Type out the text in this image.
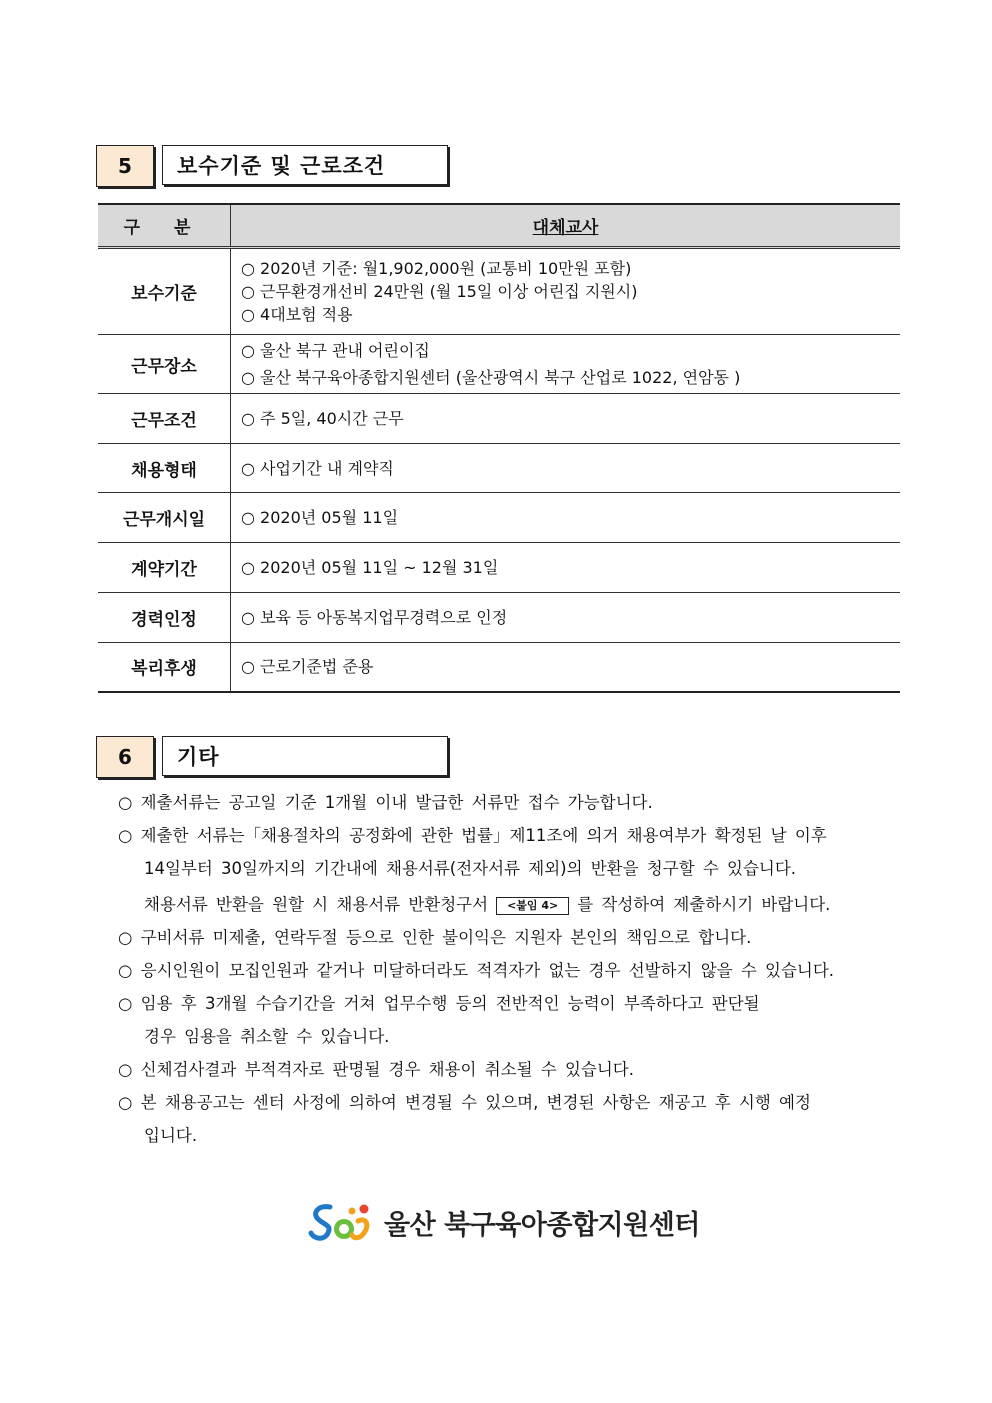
5	보수기준 및 근로조건
구 분	대체교사
보수기준	○ 2020년 기준: 월1,902,000원 (교통비 10만원 포함)
○ 근무환경개선비 24만원 (월 15일 이상 어린집 지원시)
○ 4대보험 적용

근무장소	○ 울산 북구 관내 어린이집
○ 울산 북구육아종합지원센터 (울산광역시 북구 산업로 1022, 연암동 )

근무조건	○ 주 5일, 40시간 근무

채용형태	○ 사업기간 내 계약직

근무개시일	○ 2020년 05월 11일

계약기간	○ 2020년 05월 11일 ~ 12월 31일

경력인정	○ 보육 등 아동복지업무경력으로 인정

복리후생	○ 근로기준법 준용
6	기타
○ 제출서류는 공고일 기준 1개월 이내 발급한 서류만 접수 가능합니다.
○ 제출한 서류는「채용절차의 공정화에 관한 법률」제11조에 의거 채용여부가 확정된 날 이후
14일부터 30일까지의 기간내에 채용서류(전자서류 제외)의 반환을 청구할 수 있습니다.
채용서류 반환을 원할 시 채용서류 반환청구서 <붙임 4> 를 작성하여 제출하시기 바랍니다.
○ 구비서류 미제출, 연락두절 등으로 인한 불이익은 지원자 본인의 책임으로 합니다.
○ 응시인원이 모집인원과 같거나 미달하더라도 적격자가 없는 경우 선발하지 않을 수 있습니다.
○ 임용 후 3개월 수습기간을 거쳐 업무수행 등의 전반적인 능력이 부족하다고 판단될
경우 임용을 취소할 수 있습니다.
○ 신체검사결과 부적격자로 판명될 경우 채용이 취소될 수 있습니다.
○ 본 채용공고는 센터 사정에 의하여 변경될 수 있으며, 변경된 사항은 재공고 후 시행 예정
입니다.
울산 북구육아종합지원센터
